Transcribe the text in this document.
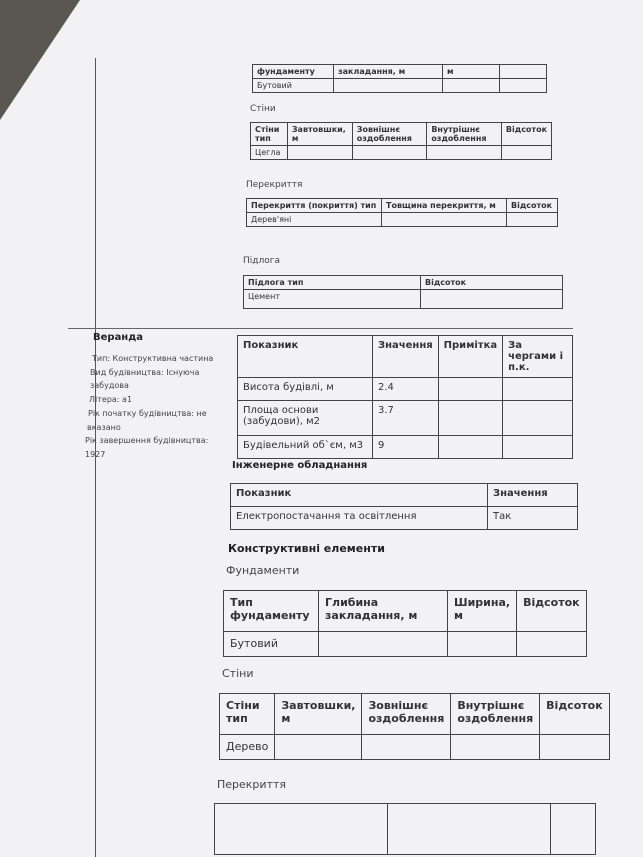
фундаменту	закладання, м	м	
Бутовий			
Стіни
Стіни тип	Завтовшки, м	Зовнішнє оздоблення	Внутрішнє оздоблення	Відсоток
Цегла				
Перекриття
Перекриття (покриття) тип	Товщина перекриття, м	Відсоток
Дерев'яні		
Підлога
Підлога тип	Відсоток
Цемент	
Веранда
Тип: Конструктивна частина
Вид будівництва: Існуюча
забудова
Літера: а1
Рік початку будівництва: не
вказано
Рік завершення будівництва:
1927
Показник	Значення	Примітка	За чергами і п.к.
Висота будівлі, м	2.4		
Площа основи (забудови), м2	3.7		
Будівельний об`єм, м3	9		
Інженерне обладнання
Показник	Значення
Електропостачання та освітлення	Так
Конструктивні елементи
Фундаменти
Тип фундаменту	Глибина закладання, м	Ширина, м	Відсоток
Бутовий			
Стіни
Стіни тип	Завтовшки, м	Зовнішнє оздоблення	Внутрішнє оздоблення	Відсоток
Дерево				
Перекриття
